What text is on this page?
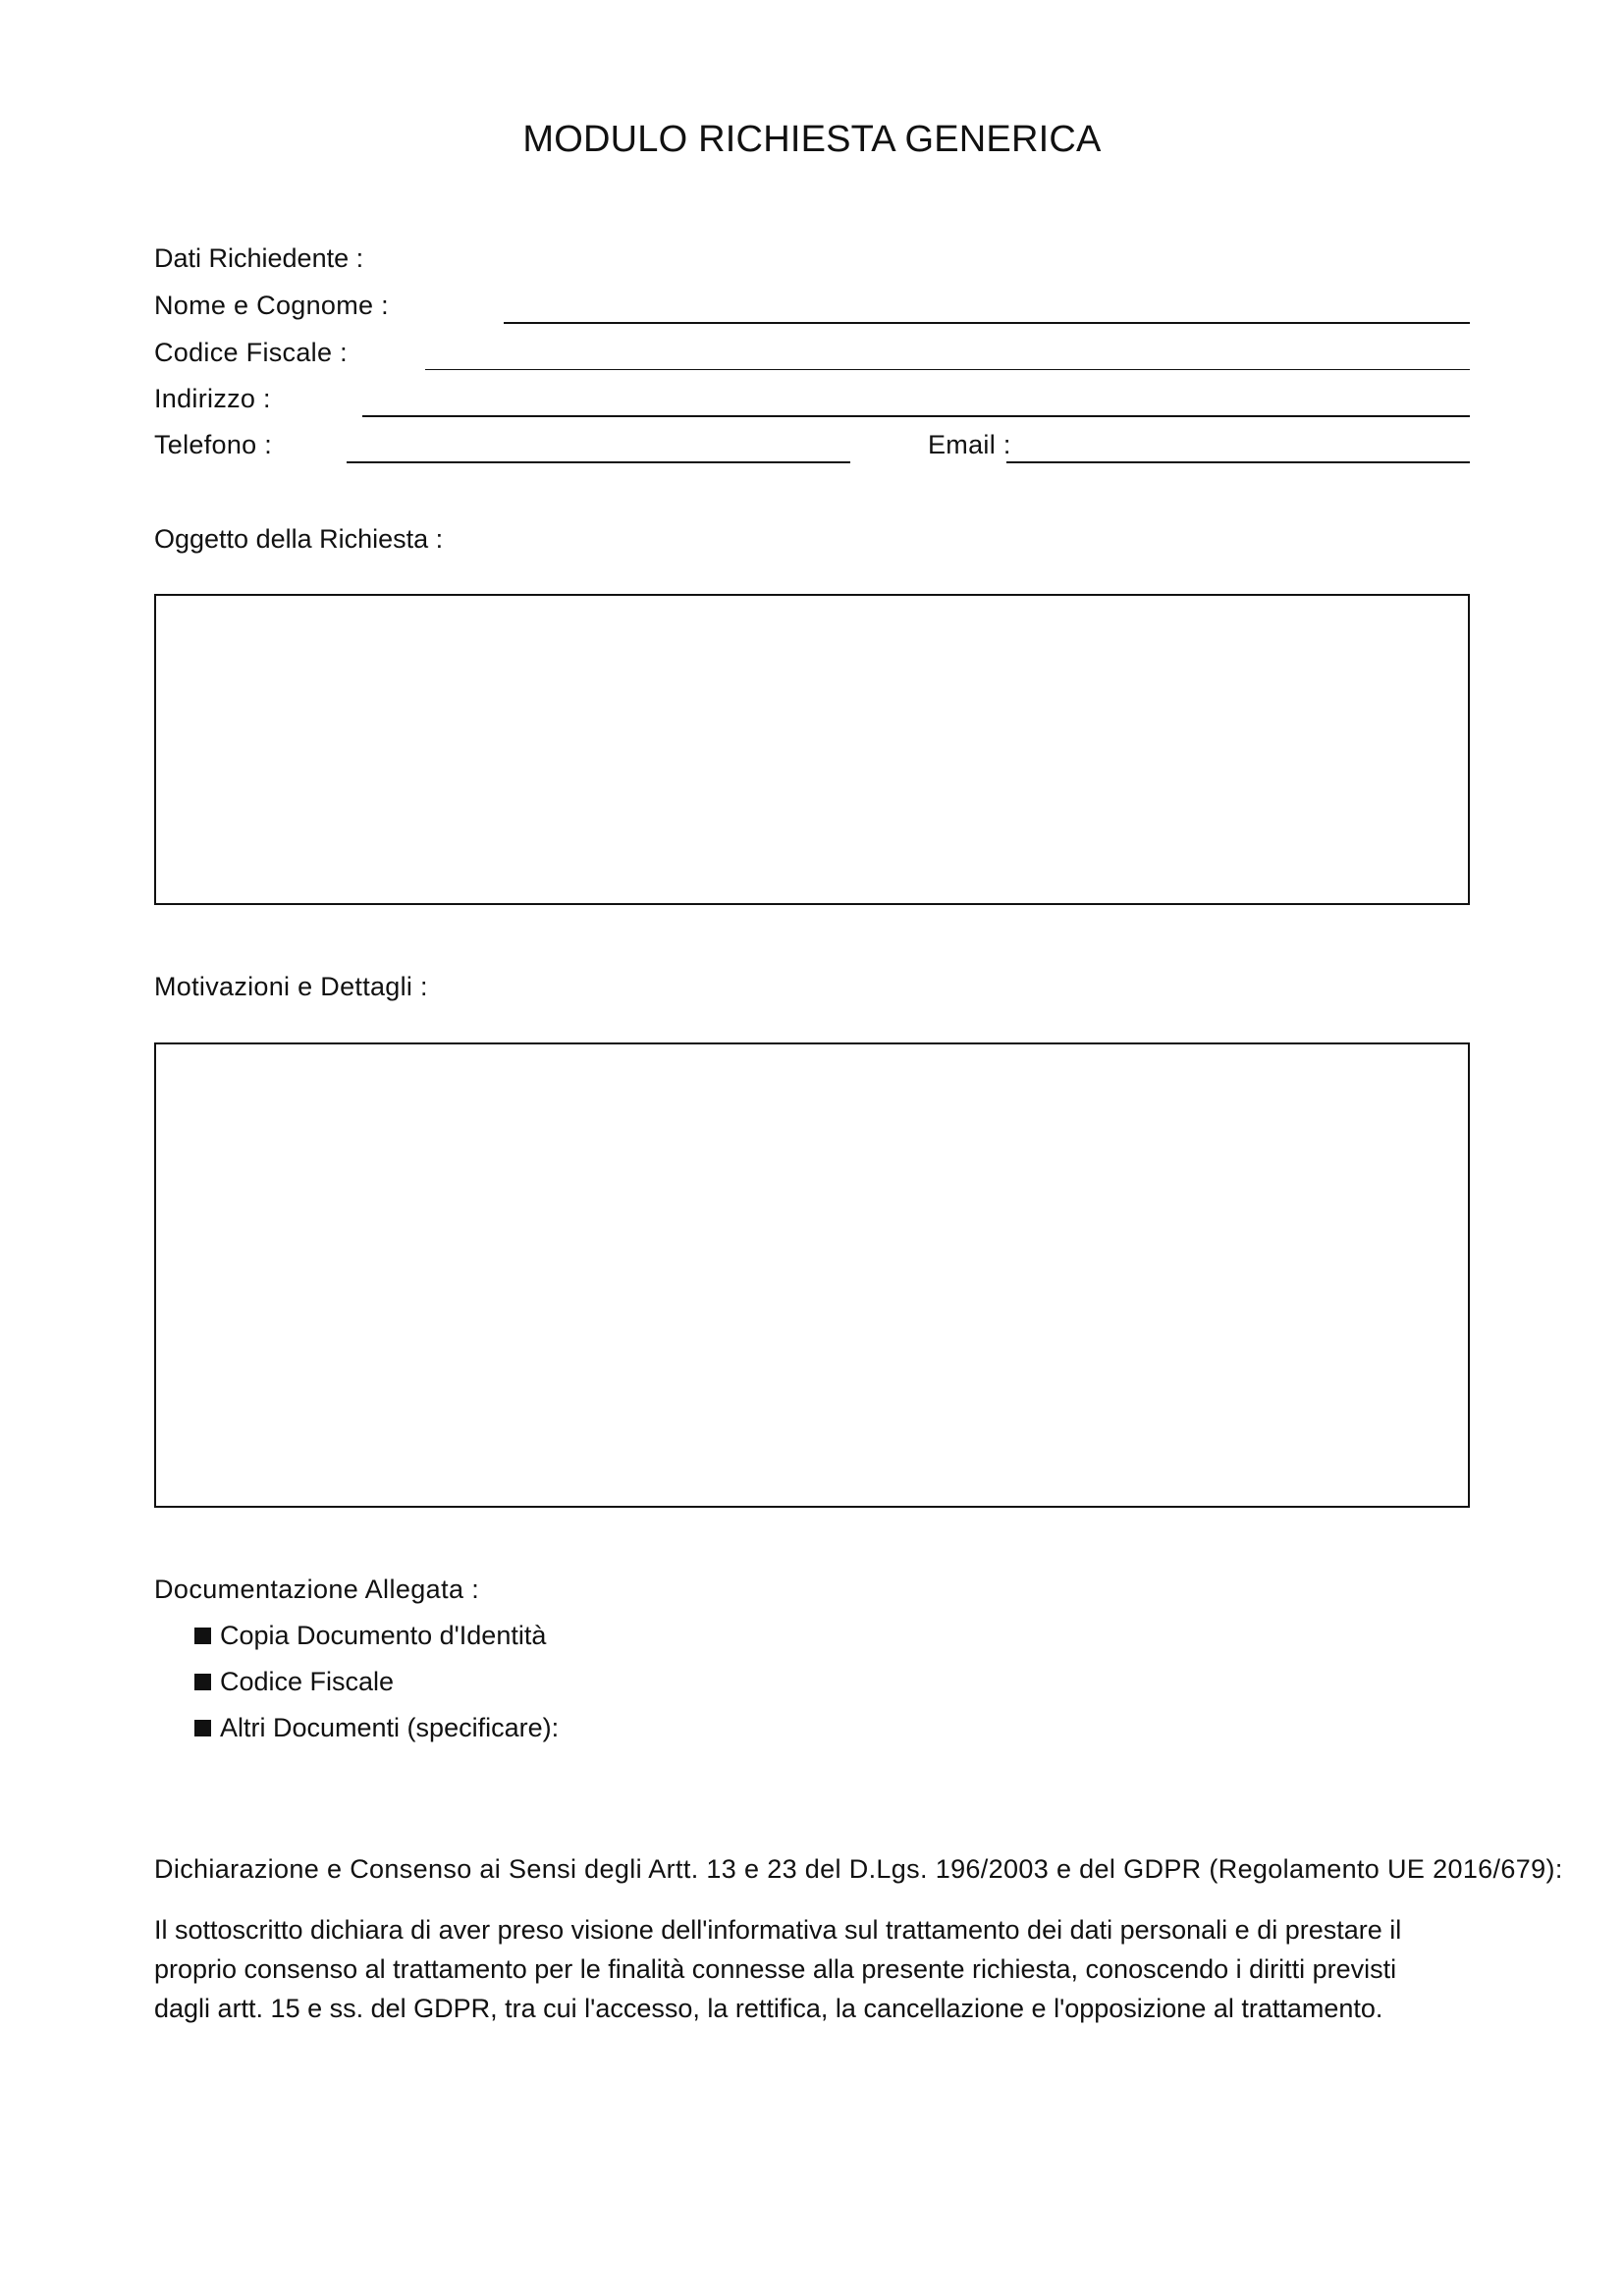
MODULO RICHIESTA GENERICA
Dati Richiedente :
Nome e Cognome :
Codice Fiscale :
Indirizzo :
Telefono :	Email :
Oggetto della Richiesta :
Motivazioni e Dettagli :
Documentazione Allegata :
Copia Documento d'Identità
Codice Fiscale
Altri Documenti (specificare):
Dichiarazione e Consenso ai Sensi degli Artt. 13 e 23 del D.Lgs. 196/2003 e del GDPR (Regolamento UE 2016/679):
Il sottoscritto dichiara di aver preso visione dell'informativa sul trattamento dei dati personali e di prestare il
proprio consenso al trattamento per le finalità connesse alla presente richiesta, conoscendo i diritti previsti
dagli artt. 15 e ss. del GDPR, tra cui l'accesso, la rettifica, la cancellazione e l'opposizione al trattamento.
